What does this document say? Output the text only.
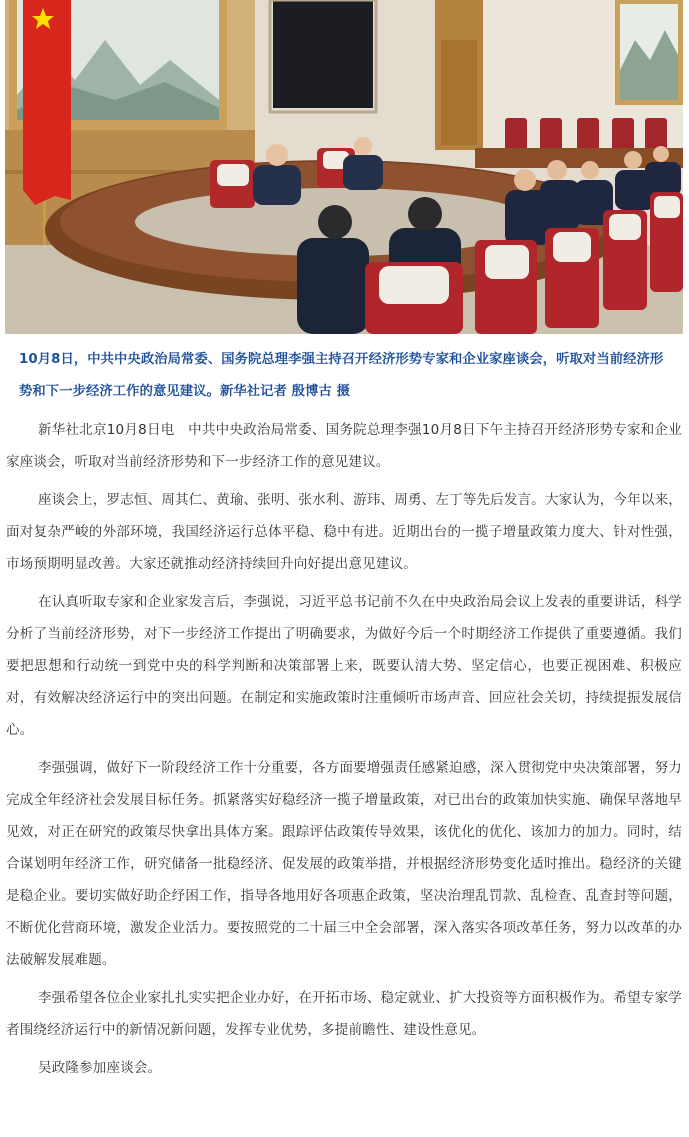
10月8日，中共中央政治局常委、国务院总理李强主持召开经济形势专家和企业家座谈会，听取对当前经济形势和下一步经济工作的意见建议。新华社记者 殷博古 摄

新华社北京10月8日电　中共中央政治局常委、国务院总理李强10月8日下午主持召开经济形势专家和企业家座谈会，听取对当前经济形势和下一步经济工作的意见建议。

座谈会上，罗志恒、周其仁、黄瑜、张明、张水利、游玮、周勇、左丁等先后发言。大家认为，今年以来，面对复杂严峻的外部环境，我国经济运行总体平稳、稳中有进。近期出台的一揽子增量政策力度大、针对性强，市场预期明显改善。大家还就推动经济持续回升向好提出意见建议。

在认真听取专家和企业家发言后，李强说，习近平总书记前不久在中央政治局会议上发表的重要讲话，科学分析了当前经济形势，对下一步经济工作提出了明确要求，为做好今后一个时期经济工作提供了重要遵循。我们要把思想和行动统一到党中央的科学判断和决策部署上来，既要认清大势、坚定信心，也要正视困难、积极应对，有效解决经济运行中的突出问题。在制定和实施政策时注重倾听市场声音、回应社会关切，持续提振发展信心。

李强强调，做好下一阶段经济工作十分重要，各方面要增强责任感紧迫感，深入贯彻党中央决策部署，努力完成全年经济社会发展目标任务。抓紧落实好稳经济一揽子增量政策，对已出台的政策加快实施、确保早落地早见效，对正在研究的政策尽快拿出具体方案。跟踪评估政策传导效果，该优化的优化、该加力的加力。同时，结合谋划明年经济工作，研究储备一批稳经济、促发展的政策举措，并根据经济形势变化适时推出。稳经济的关键是稳企业。要切实做好助企纾困工作，指导各地用好各项惠企政策，坚决治理乱罚款、乱检查、乱查封等问题，不断优化营商环境，激发企业活力。要按照党的二十届三中全会部署，深入落实各项改革任务，努力以改革的办法破解发展难题。

李强希望各位企业家扎扎实实把企业办好，在开拓市场、稳定就业、扩大投资等方面积极作为。希望专家学者围绕经济运行中的新情况新问题，发挥专业优势，多提前瞻性、建设性意见。

吴政隆参加座谈会。
